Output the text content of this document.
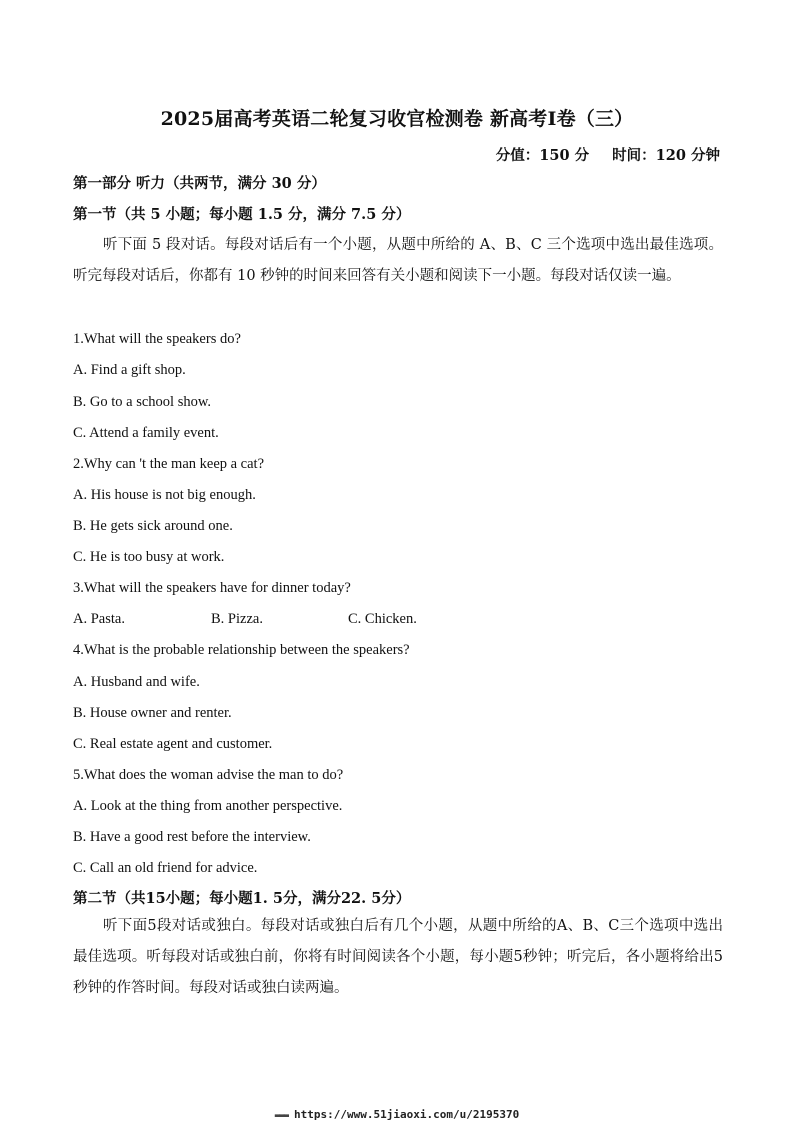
2025届高考英语二轮复习收官检测卷 新高考Ⅰ卷（三）
分值：150 分 时间：120 分钟
第一部分 听力（共两节，满分 30 分）
第一节（共 5 小题；每小题 1.5 分，满分 7.5 分）
听下面 5 段对话。每段对话后有一个小题，从题中所给的 A、B、C 三个选项中选出最佳选项。听完每段对话后，你都有 10 秒钟的时间来回答有关小题和阅读下一小题。每段对话仅读一遍。
1.What will the speakers do?
A. Find a gift shop.
B. Go to a school show.
C. Attend a family event.
2.Why can 't the man keep a cat?
A. His house is not big enough.
B. He gets sick around one.
C. He is too busy at work.
3.What will the speakers have for dinner today?
A. Pasta.	B. Pizza.	C. Chicken.
4.What is the probable relationship between the speakers?
A. Husband and wife.
B. House owner and renter.
C. Real estate agent and customer.
5.What does the woman advise the man to do?
A. Look at the thing from another perspective.
B. Have a good rest before the interview.
C. Call an old friend for advice.
第二节（共15小题；每小题1. 5分，满分22. 5分）
听下面5段对话或独白。每段对话或独白后有几个小题，从题中所给的A、B、C三个选项中选出最佳选项。听每段对话或独白前，你将有时间阅读各个小题，每小题5秒钟；听完后，各小题将给出5秒钟的作答时间。每段对话或独白读两遍。
▬▬▬ https://www.51jiaoxi.com/u/2195370
